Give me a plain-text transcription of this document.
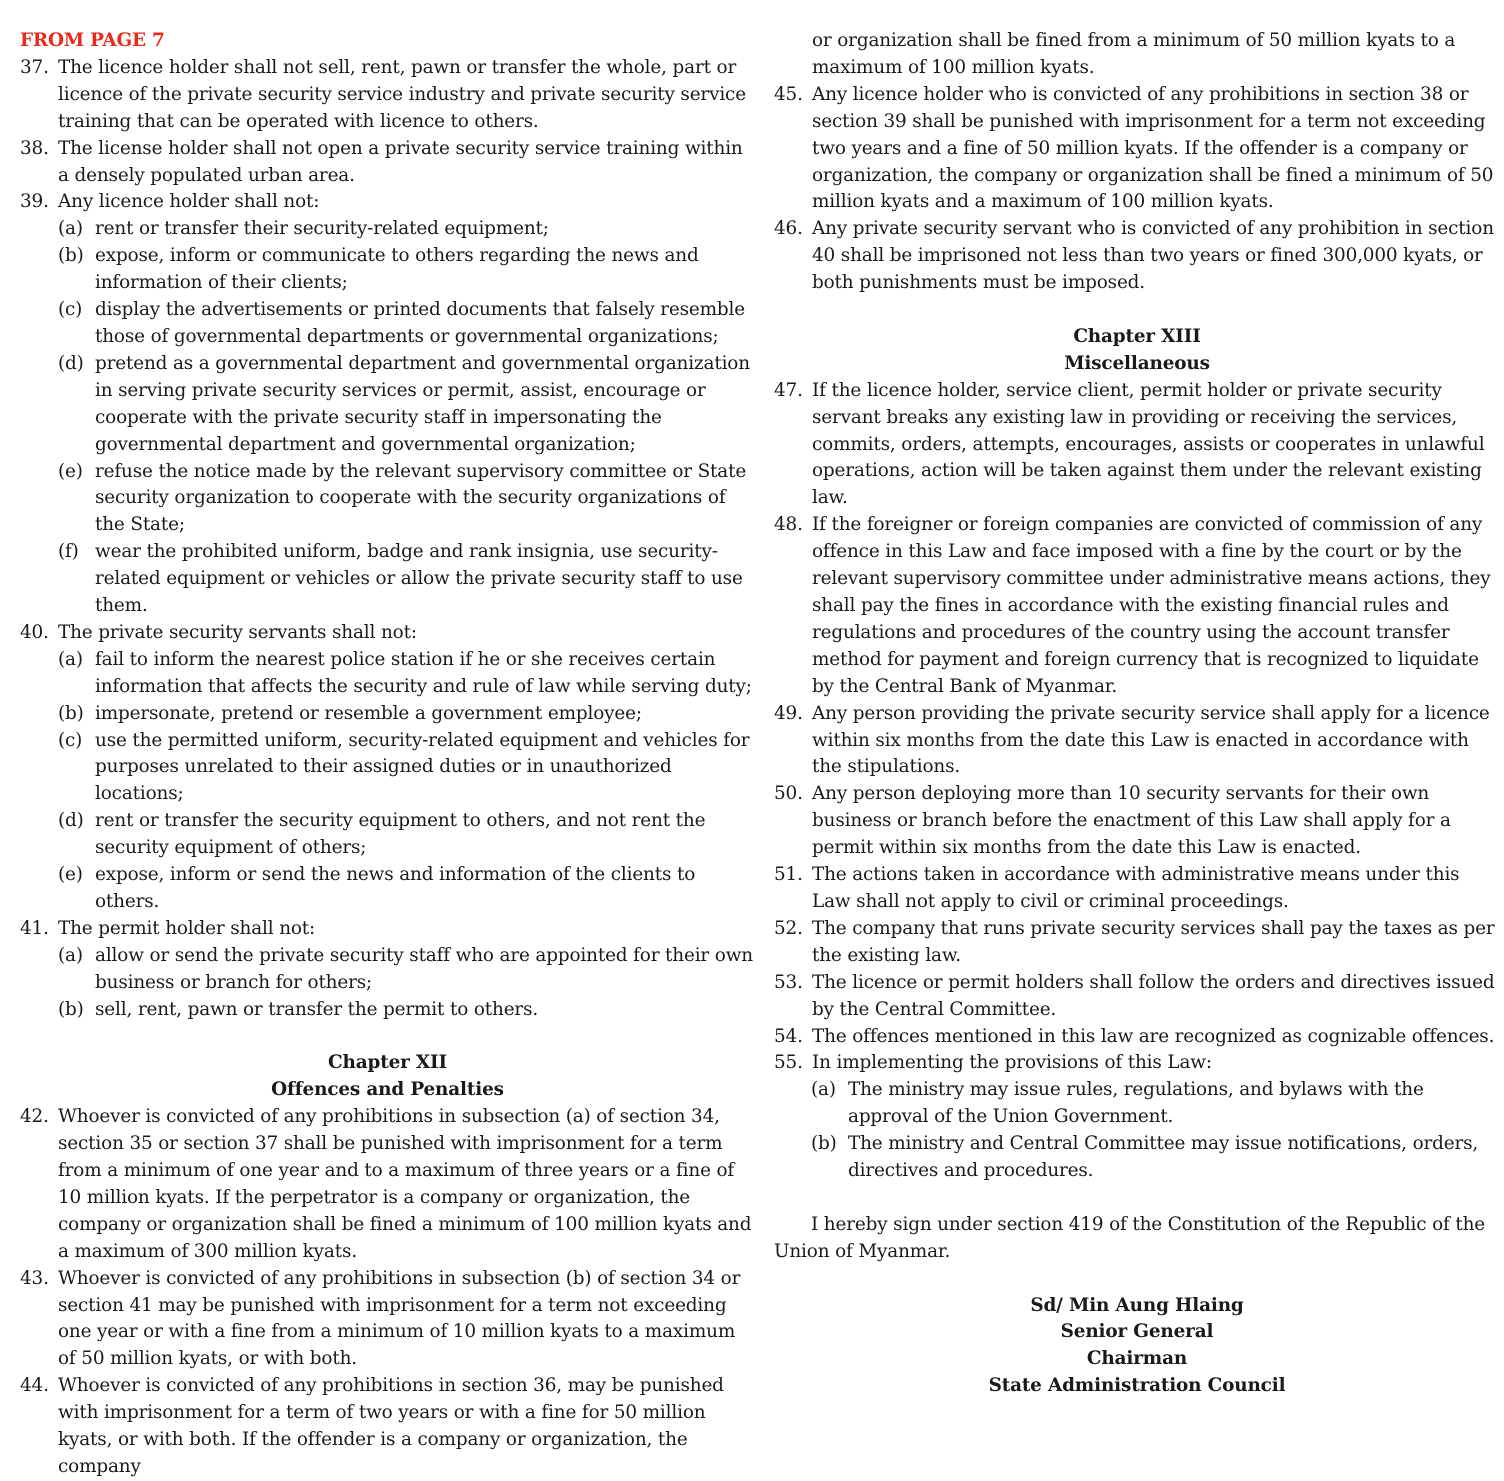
FROM PAGE 7
37. The licence holder shall not sell, rent, pawn or transfer the whole, part or licence of the private security service industry and private security service training that can be operated with licence to others.
38. The license holder shall not open a private security service training within a densely populated urban area.
39. Any licence holder shall not:
(a) rent or transfer their security-related equipment;
(b) expose, inform or communicate to others regarding the news and information of their clients;
(c) display the advertisements or printed documents that falsely resemble those of governmental departments or governmental organizations;
(d) pretend as a governmental department and governmental organization in serving private security services or permit, assist, encourage or cooperate with the private security staff in impersonating the governmental department and governmental organization;
(e) refuse the notice made by the relevant supervisory committee or State security organization to cooperate with the security organizations of the State;
(f) wear the prohibited uniform, badge and rank insignia, use security-related equipment or vehicles or allow the private security staff to use them.
40. The private security servants shall not:
(a) fail to inform the nearest police station if he or she receives certain information that affects the security and rule of law while serving duty;
(b) impersonate, pretend or resemble a government employee;
(c) use the permitted uniform, security-related equipment and vehicles for purposes unrelated to their assigned duties or in unauthorized locations;
(d) rent or transfer the security equipment to others, and not rent the security equipment of others;
(e) expose, inform or send the news and information of the clients to others.
41. The permit holder shall not:
(a) allow or send the private security staff who are appointed for their own business or branch for others;
(b) sell, rent, pawn or transfer the permit to others.
Chapter XII
Offences and Penalties
42. Whoever is convicted of any prohibitions in subsection (a) of section 34, section 35 or section 37 shall be punished with imprisonment for a term from a minimum of one year and to a maximum of three years or a fine of 10 million kyats. If the perpetrator is a company or organization, the company or organization shall be fined a minimum of 100 million kyats and a maximum of 300 million kyats.
43. Whoever is convicted of any prohibitions in subsection (b) of section 34 or section 41 may be punished with imprisonment for a term not exceeding one year or with a fine from a minimum of 10 million kyats to a maximum of 50 million kyats, or with both.
44. Whoever is convicted of any prohibitions in section 36, may be punished with imprisonment for a term of two years or with a fine for 50 million kyats, or with both. If the offender is a company or organization, the company
or organization shall be fined from a minimum of 50 million kyats to a maximum of 100 million kyats.
45. Any licence holder who is convicted of any prohibitions in section 38 or section 39 shall be punished with imprisonment for a term not exceeding two years and a fine of 50 million kyats. If the offender is a company or organization, the company or organization shall be fined a minimum of 50 million kyats and a maximum of 100 million kyats.
46. Any private security servant who is convicted of any prohibition in section 40 shall be imprisoned not less than two years or fined 300,000 kyats, or both punishments must be imposed.
Chapter XIII
Miscellaneous
47. If the licence holder, service client, permit holder or private security servant breaks any existing law in providing or receiving the services, commits, orders, attempts, encourages, assists or cooperates in unlawful operations, action will be taken against them under the relevant existing law.
48. If the foreigner or foreign companies are convicted of commission of any offence in this Law and face imposed with a fine by the court or by the relevant supervisory committee under administrative means actions, they shall pay the fines in accordance with the existing financial rules and regulations and procedures of the country using the account transfer method for payment and foreign currency that is recognized to liquidate by the Central Bank of Myanmar.
49. Any person providing the private security service shall apply for a licence within six months from the date this Law is enacted in accordance with the stipulations.
50. Any person deploying more than 10 security servants for their own business or branch before the enactment of this Law shall apply for a permit within six months from the date this Law is enacted.
51. The actions taken in accordance with administrative means under this Law shall not apply to civil or criminal proceedings.
52. The company that runs private security services shall pay the taxes as per the existing law.
53. The licence or permit holders shall follow the orders and directives issued by the Central Committee.
54. The offences mentioned in this law are recognized as cognizable offences.
55. In implementing the provisions of this Law:
(a) The ministry may issue rules, regulations, and bylaws with the approval of the Union Government.
(b) The ministry and Central Committee may issue notifications, orders, directives and procedures.
I hereby sign under section 419 of the Constitution of the Republic of the Union of Myanmar.
Sd/ Min Aung Hlaing
Senior General
Chairman
State Administration Council
